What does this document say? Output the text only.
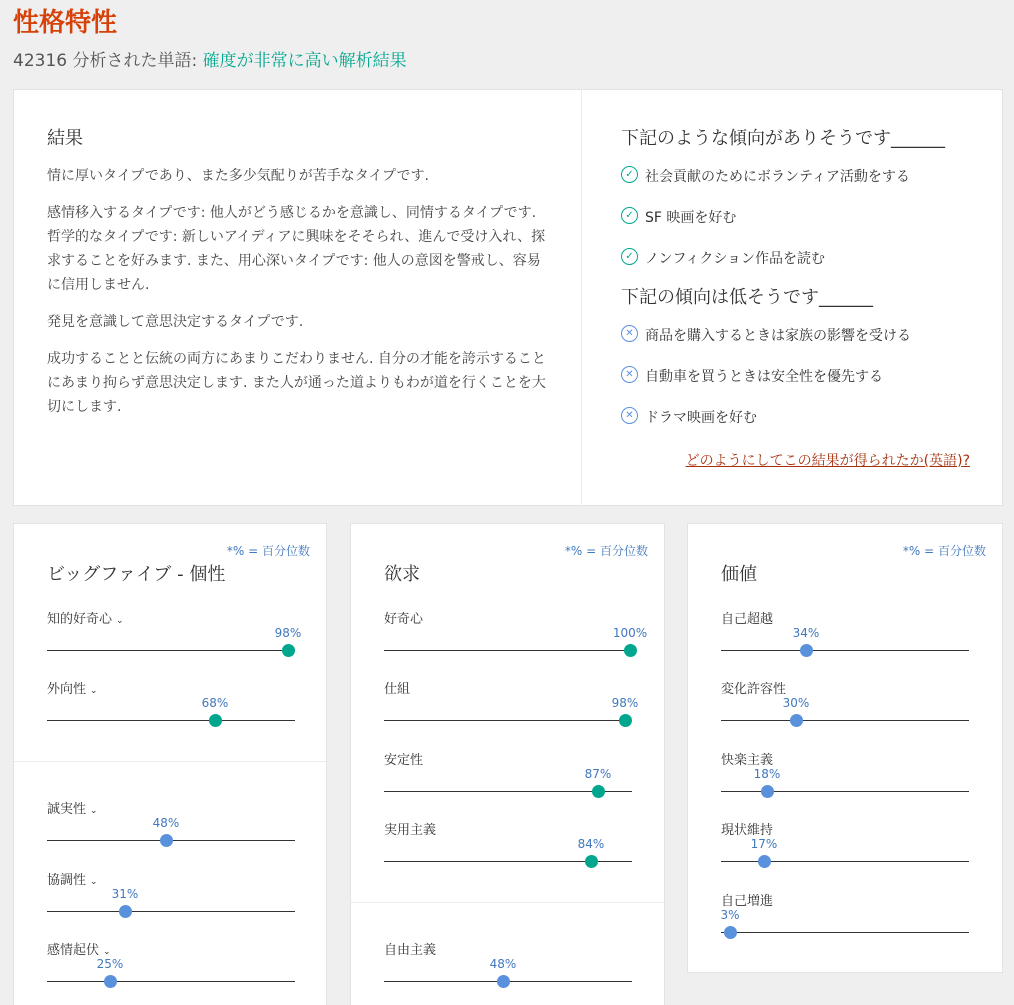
性格特性
42316 分析された単語: 確度が非常に高い解析結果
結果

情に厚いタイプであり、また多少気配りが苦手なタイプです.

感情移入するタイプです: 他人がどう感じるかを意識し、同情するタイプです. 哲学的なタイプです: 新しいアイディアに興味をそそられ、進んで受け入れ、探求することを好みます. また、用心深いタイプです: 他人の意図を警戒し、容易に信用しません.

発見を意識して意思決定するタイプです.

成功することと伝統の両方にあまりこだわりません. 自分の才能を誇示することにあまり拘らず意思決定します. また人が通った道よりもわが道を行くことを大切にします.

どのようにしてこの結果が得られたか(英語)?
下記のような傾向がありそうです______
✓ 社会貢献のためにボランティア活動をする
✓ SF 映画を好む
✓ ノンフィクション作品を読む
下記の傾向は低そうです______
✕ 商品を購入するときは家族の影響を受ける
✕ 自動車を買うときは安全性を優先する
✕ ドラマ映画を好む
*% = 百分位数
ビッグファイブ - 個性
知的好奇心 ⌄
98%
外向性 ⌄
68%
誠実性 ⌄
48%
協調性 ⌄
31%
感情起伏 ⌄
25%
*% = 百分位数
欲求
好奇心
100%
仕組
98%
安定性
87%
実用主義
84%
自由主義
48%
*% = 百分位数
価値
自己超越
34%
変化許容性
30%
快楽主義
18%
現状維持
17%
自己増進
3%
